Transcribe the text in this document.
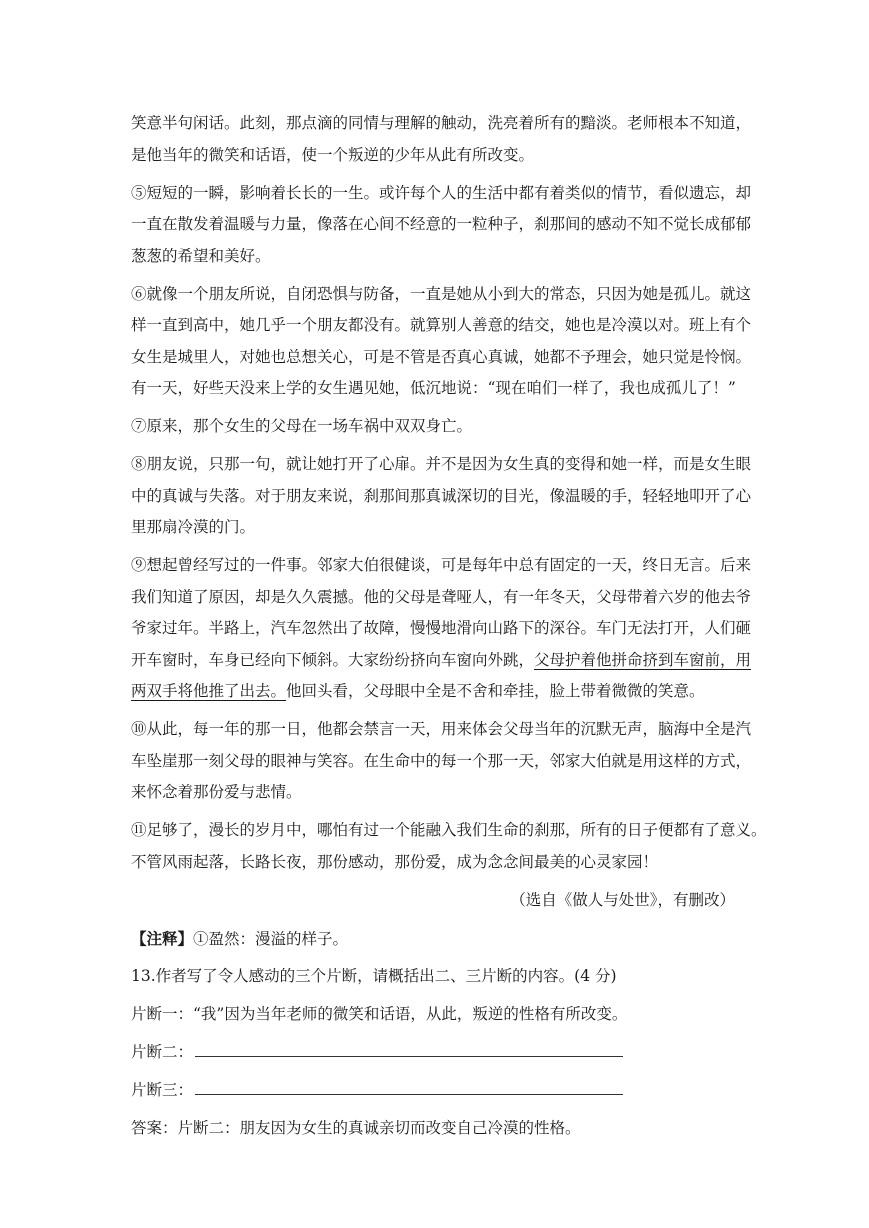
笑意半句闲话。此刻，那点滴的同情与理解的触动，洗亮着所有的黯淡。老师根本不知道，
是他当年的微笑和话语，使一个叛逆的少年从此有所改变。
⑤短短的一瞬，影响着长长的一生。或许每个人的生活中都有着类似的情节，看似遗忘，却
一直在散发着温暖与力量，像落在心间不经意的一粒种子，刹那间的感动不知不觉长成郁郁
葱葱的希望和美好。
⑥就像一个朋友所说，自闭恐惧与防备，一直是她从小到大的常态，只因为她是孤儿。就这
样一直到高中，她几乎一个朋友都没有。就算别人善意的结交，她也是冷漠以对。班上有个
女生是城里人，对她也总想关心，可是不管是否真心真诚，她都不予理会，她只觉是怜悯。
有一天，好些天没来上学的女生遇见她，低沉地说：“现在咱们一样了，我也成孤儿了！”
⑦原来，那个女生的父母在一场车祸中双双身亡。
⑧朋友说，只那一句，就让她打开了心扉。并不是因为女生真的变得和她一样，而是女生眼
中的真诚与失落。对于朋友来说，刹那间那真诚深切的目光，像温暖的手，轻轻地叩开了心
里那扇冷漠的门。
⑨想起曾经写过的一件事。邻家大伯很健谈，可是每年中总有固定的一天，终日无言。后来
我们知道了原因，却是久久震撼。他的父母是聋哑人，有一年冬天，父母带着六岁的他去爷
爷家过年。半路上，汽车忽然出了故障，慢慢地滑向山路下的深谷。车门无法打开，人们砸
开车窗时，车身已经向下倾斜。大家纷纷挤向车窗向外跳，父母护着他拼命挤到车窗前，用
两双手将他推了出去。他回头看，父母眼中全是不舍和牵挂，脸上带着微微的笑意。
⑩从此，每一年的那一日，他都会禁言一天，用来体会父母当年的沉默无声，脑海中全是汽
车坠崖那一刻父母的眼神与笑容。在生命中的每一个那一天，邻家大伯就是用这样的方式，
来怀念着那份爱与悲情。
⑪足够了，漫长的岁月中，哪怕有过一个能融入我们生命的刹那，所有的日子便都有了意义。
不管风雨起落，长路长夜，那份感动，那份爱，成为念念间最美的心灵家园！
（选自《做人与处世》，有删改）
【注释】①盈然：漫溢的样子。
13.作者写了令人感动的三个片断，请概括出二、三片断的内容。(4 分)
片断一：“我”因为当年老师的微笑和话语，从此，叛逆的性格有所改变。
片断二：
片断三：
答案：片断二：朋友因为女生的真诚亲切而改变自己冷漠的性格。
